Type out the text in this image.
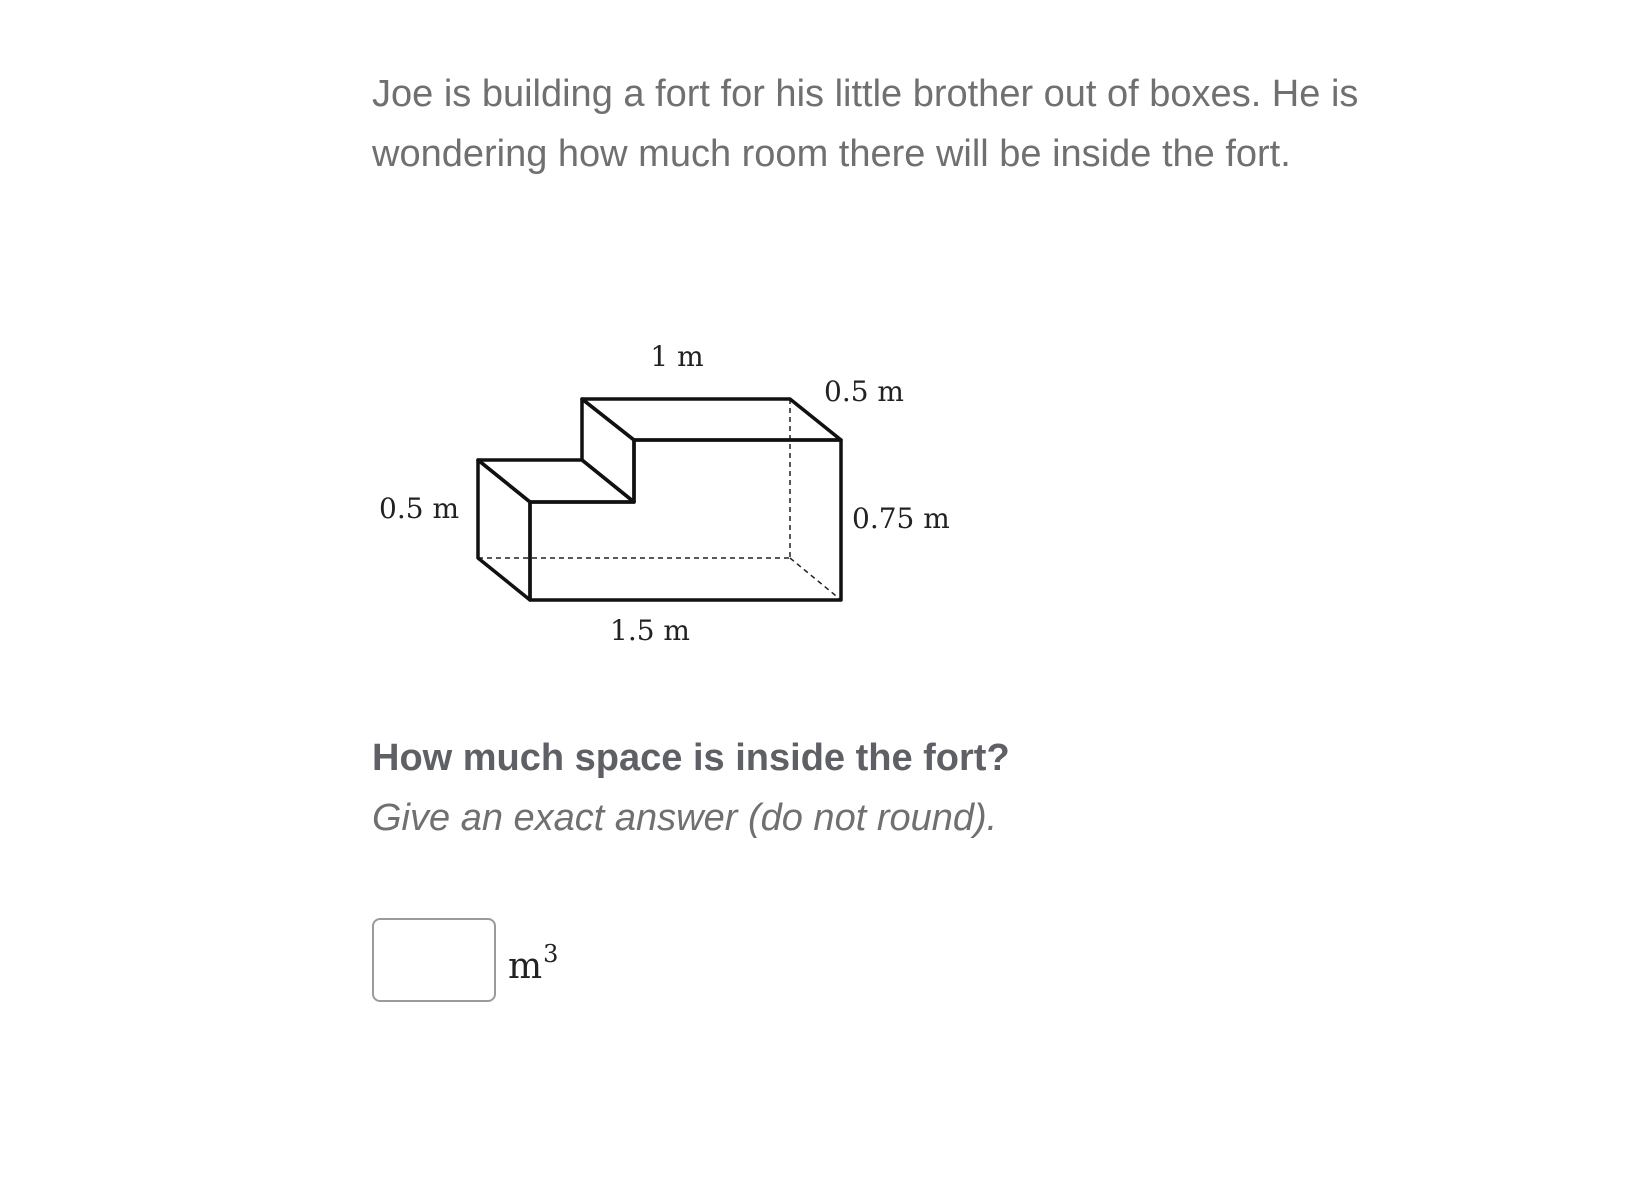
Joe is building a fort for his little brother out of boxes. He is wondering how much room there will be inside the fort.

1 m
0.5 m
0.5 m	0.75 m
1.5 m

How much space is inside the fort?

Give an exact answer (do not round).

$m^3$
